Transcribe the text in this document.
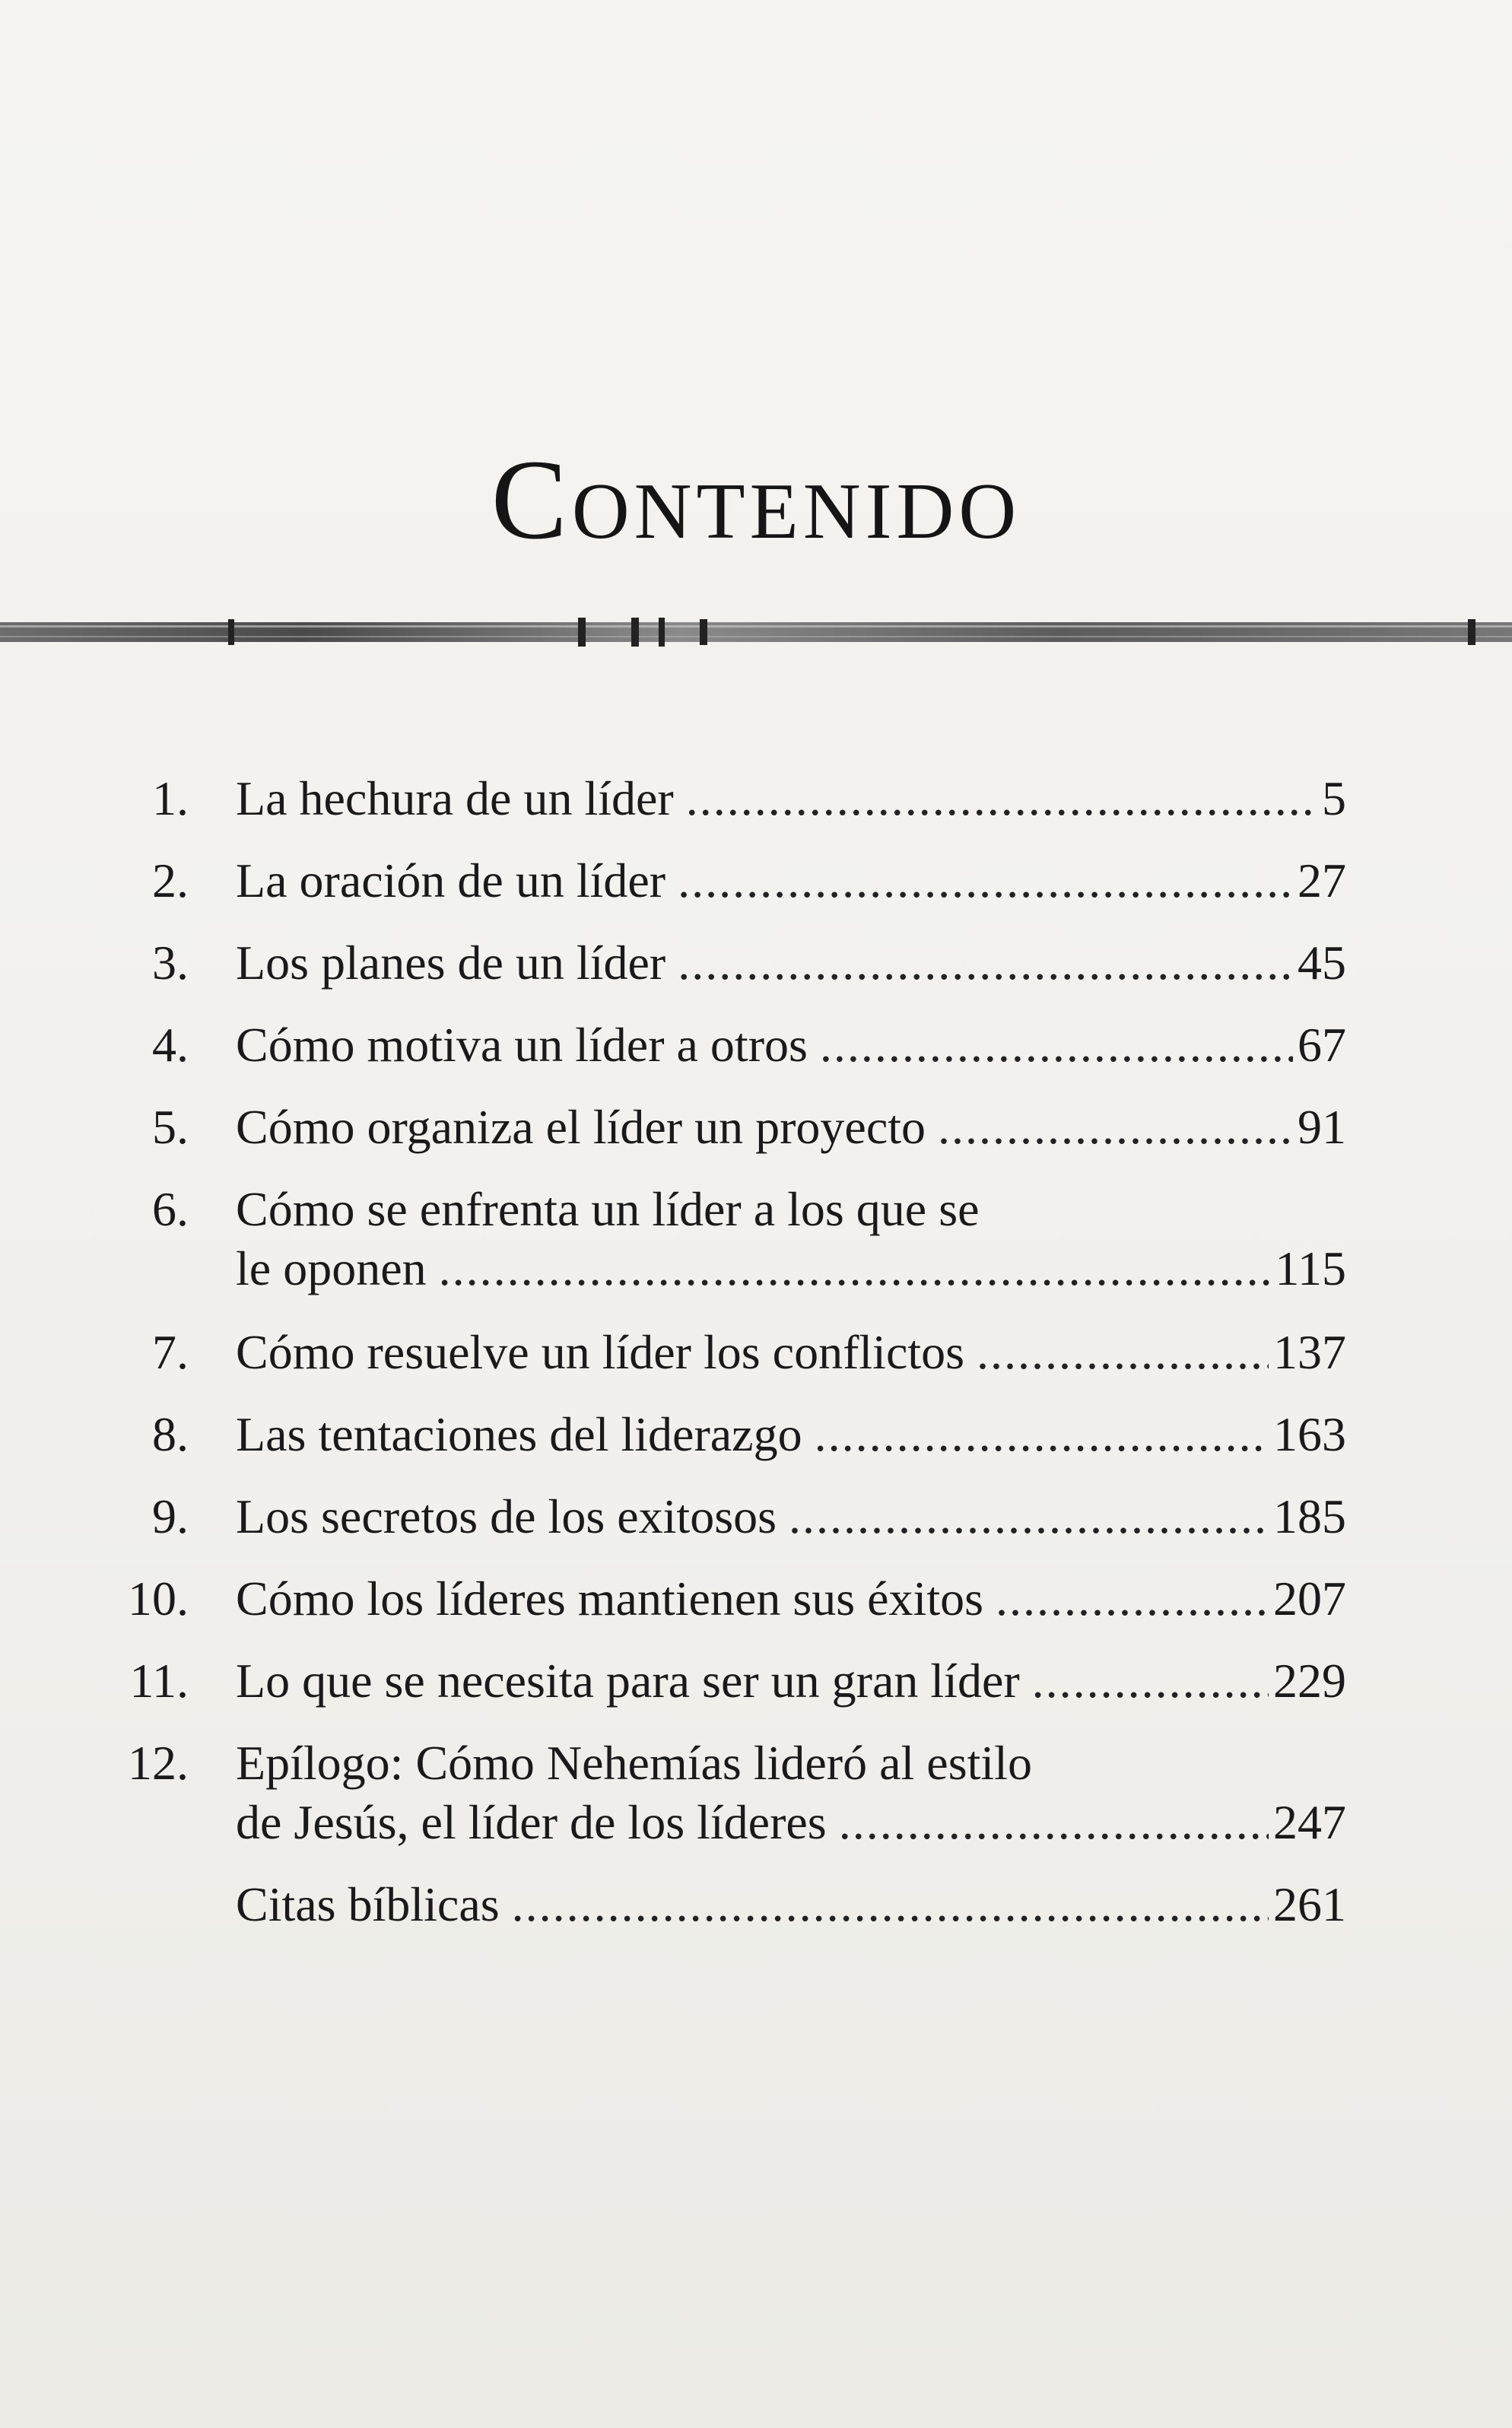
Contenido
1. La hechura de un líder .....	5
2. La oración de un líder .....	27
3. Los planes de un líder .....	45
4. Cómo motiva un líder a otros .....	67
5. Cómo organiza el líder un proyecto .....	91
6. Cómo se enfrenta un líder a los que se
le oponen .....	115
7. Cómo resuelve un líder los conflictos .....	137
8. Las tentaciones del liderazgo .....	163
9. Los secretos de los exitosos .....	185
10. Cómo los líderes mantienen sus éxitos .....	207
11. Lo que se necesita para ser un gran líder .....	229
12. Epílogo: Cómo Nehemías lideró al estilo
de Jesús, el líder de los líderes .....	247
Citas bíblicas .....	261
